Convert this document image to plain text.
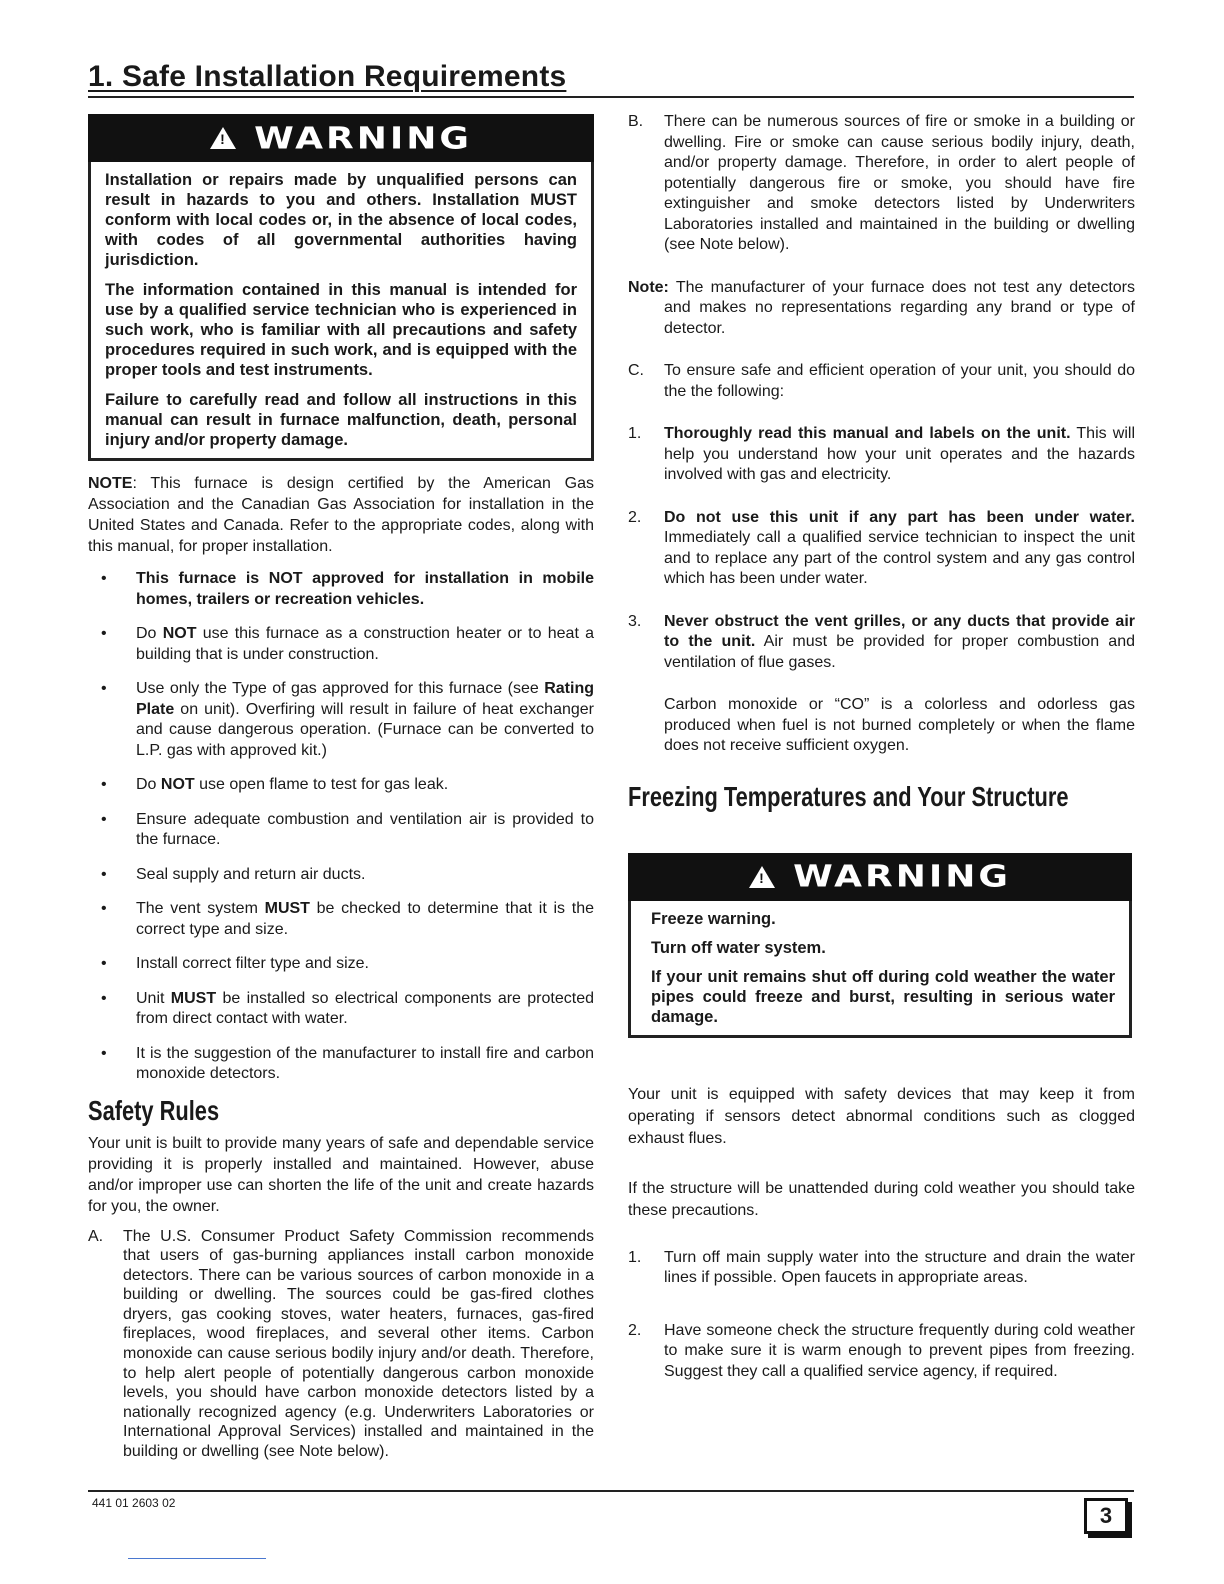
1. Safe Installation Requirements
!
WARNING

Installation or repairs made by unqualified persons can result in hazards to you and others. Installation MUST conform with local codes or, in the absence of local codes, with codes of all governmental authorities having jurisdiction.

The information contained in this manual is intended for use by a qualified service technician who is experienced in such work, who is familiar with all precautions and safety procedures required in such work, and is equipped with the proper tools and test instruments.

Failure to carefully read and follow all instructions in this manual can result in furnace malfunction, death, personal injury and/or property damage.

NOTE: This furnace is design certified by the American Gas Association and the Canadian Gas Association for installation in the United States and Canada. Refer to the appropriate codes, along with this manual, for proper installation.

• This furnace is NOT approved for installation in mobile homes, trailers or recreation vehicles.
• Do NOT use this furnace as a construction heater or to heat a building that is under construction.
• Use only the Type of gas approved for this furnace (see Rating Plate on unit). Overfiring will result in failure of heat exchanger and cause dangerous operation. (Furnace can be converted to L.P. gas with approved kit.)
• Do NOT use open flame to test for gas leak.
• Ensure adequate combustion and ventilation air is provided to the furnace.
• Seal supply and return air ducts.
• The vent system MUST be checked to determine that it is the correct type and size.
• Install correct filter type and size.
• Unit MUST be installed so electrical components are protected from direct contact with water.
• It is the suggestion of the manufacturer to install fire and carbon monoxide detectors.
Safety Rules

Your unit is built to provide many years of safe and dependable service providing it is properly installed and maintained. However, abuse and/or improper use can shorten the life of the unit and create hazards for you, the owner.

A. The U.S. Consumer Product Safety Commission recommends that users of gas-burning appliances install carbon monoxide detectors. There can be various sources of carbon monoxide in a building or dwelling. The sources could be gas-fired clothes dryers, gas cooking stoves, water heaters, furnaces, gas-fired fireplaces, wood fireplaces, and several other items. Carbon monoxide can cause serious bodily injury and/or death. Therefore, to help alert people of potentially dangerous carbon monoxide levels, you should have carbon monoxide detectors listed by a nationally recognized agency (e.g. Underwriters Laboratories or International Approval Services) installed and maintained in the building or dwelling (see Note below).
B. There can be numerous sources of fire or smoke in a building or dwelling. Fire or smoke can cause serious bodily injury, death, and/or property damage. Therefore, in order to alert people of potentially dangerous fire or smoke, you should have fire extinguisher and smoke detectors listed by Underwriters Laboratories installed and maintained in the building or dwelling (see Note below).
Note: The manufacturer of your furnace does not test any detectors and makes no representations regarding any brand or type of detector.
C. To ensure safe and efficient operation of your unit, you should do the the following:
1. Thoroughly read this manual and labels on the unit. This will help you understand how your unit operates and the hazards involved with gas and electricity.
2. Do not use this unit if any part has been under water. Immediately call a qualified service technician to inspect the unit and to replace any part of the control system and any gas control which has been under water.
3. Never obstruct the vent grilles, or any ducts that provide air to the unit. Air must be provided for proper combustion and ventilation of flue gases.
Carbon monoxide or “CO” is a colorless and odorless gas produced when fuel is not burned completely or when the flame does not receive sufficient oxygen.
Freezing Temperatures and Your Structure
!
WARNING

Freeze warning.

Turn off water system.

If your unit remains shut off during cold weather the water pipes could freeze and burst, resulting in serious water damage.

Your unit is equipped with safety devices that may keep it from operating if sensors detect abnormal conditions such as clogged exhaust flues.

If the structure will be unattended during cold weather you should take these precautions.

1. Turn off main supply water into the structure and drain the water lines if possible. Open faucets in appropriate areas.
2. Have someone check the structure frequently during cold weather to make sure it is warm enough to prevent pipes from freezing. Suggest they call a qualified service agency, if required.
441 01 2603 02	3
